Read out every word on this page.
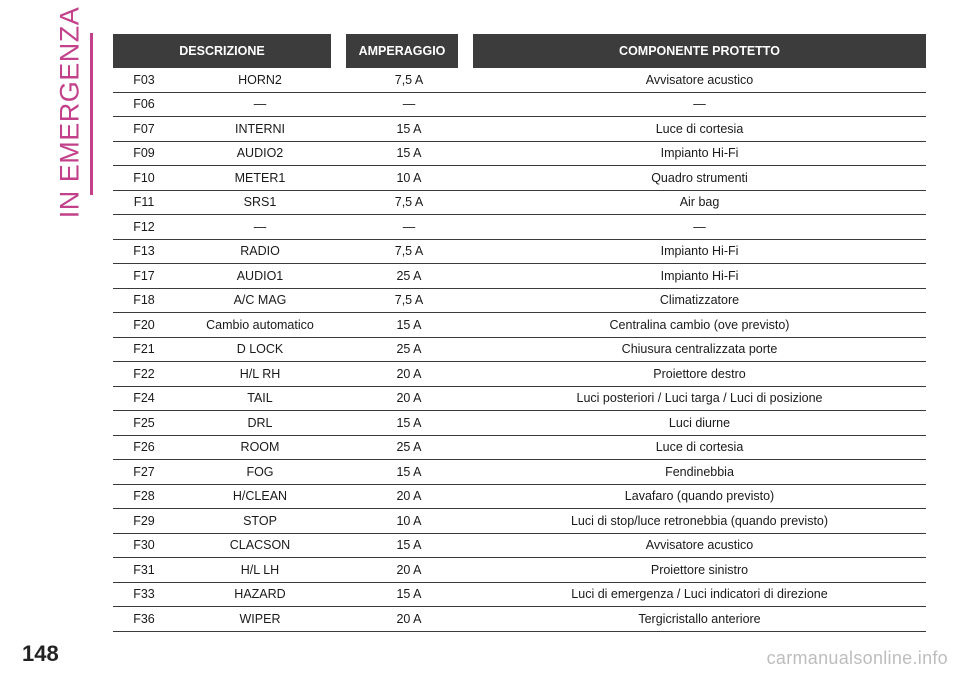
IN EMERGENZA	DESCRIZIONE		AMPERAGGIO	COMPONENTE PROTETTO

F03	HORN2	7,5 A	Avvisatore acustico
F06	—	—	—
F07	INTERNI	15 A	Luce di cortesia
F09	AUDIO2	15 A	Impianto Hi-Fi
F10	METER1	10 A	Quadro strumenti
F11	SRS1	7,5 A	Air bag
F12	—	—	—
F13	RADIO	7,5 A	Impianto Hi-Fi
F17	AUDIO1	25 A	Impianto Hi-Fi
F18	A/C MAG	7,5 A	Climatizzatore
F20	Cambio automatico	15 A	Centralina cambio (ove previsto)
F21	D LOCK	25 A	Chiusura centralizzata porte
F22	H/L RH	20 A	Proiettore destro
F24	TAIL	20 A	Luci posteriori / Luci targa / Luci di posizione
F25	DRL	15 A	Luci diurne
F26	ROOM	25 A	Luce di cortesia
F27	FOG	15 A	Fendinebbia
F28	H/CLEAN	20 A	Lavafaro (quando previsto)
F29	STOP	10 A	Luci di stop/luce retronebbia (quando previsto)
F30	CLACSON	15 A	Avvisatore acustico
F31	H/L LH	20 A	Proiettore sinistro
F33	HAZARD	15 A	Luci di emergenza / Luci indicatori di direzione
F36	WIPER	20 A	Tergicristallo anteriore
148	carmanualsonline.info
